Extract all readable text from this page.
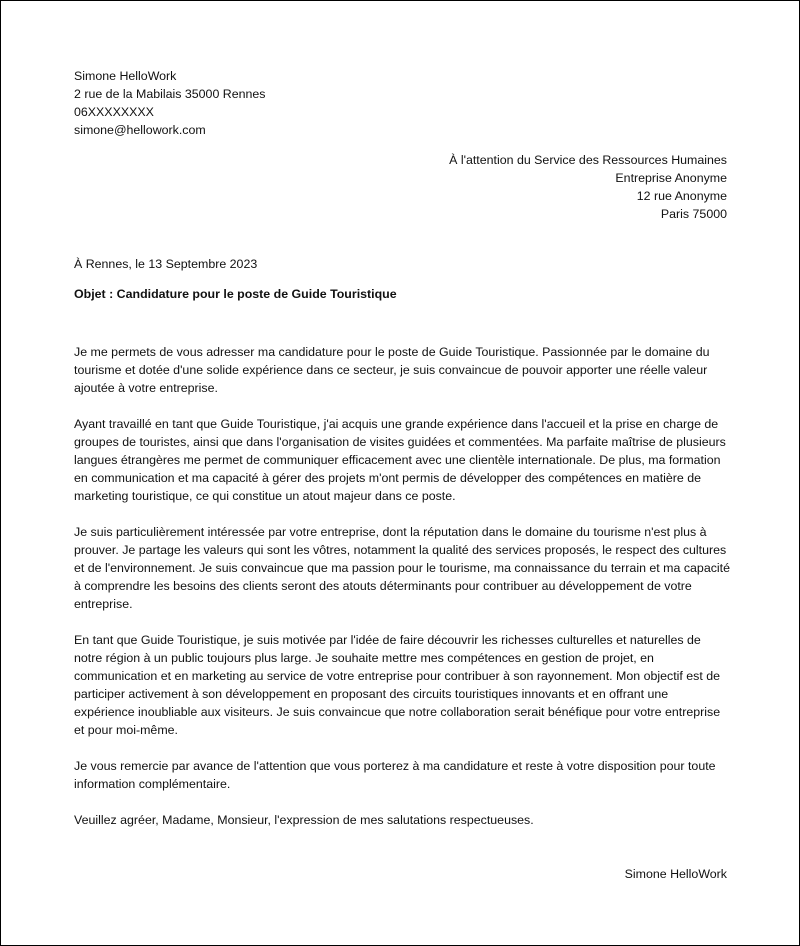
Simone HelloWork
2 rue de la Mabilais 35000 Rennes
06XXXXXXXX
simone@hellowork.com
À l'attention du Service des Ressources Humaines
Entreprise Anonyme
12 rue Anonyme
Paris 75000
À Rennes, le 13 Septembre 2023
Objet : Candidature pour le poste de Guide Touristique

Je me permets de vous adresser ma candidature pour le poste de Guide Touristique. Passionnée par le domaine du tourisme et dotée d'une solide expérience dans ce secteur, je suis convaincue de pouvoir apporter une réelle valeur ajoutée à votre entreprise.

Ayant travaillé en tant que Guide Touristique, j'ai acquis une grande expérience dans l'accueil et la prise en charge de groupes de touristes, ainsi que dans l'organisation de visites guidées et commentées. Ma parfaite maîtrise de plusieurs langues étrangères me permet de communiquer efficacement avec une clientèle internationale. De plus, ma formation en communication et ma capacité à gérer des projets m'ont permis de développer des compétences en matière de marketing touristique, ce qui constitue un atout majeur dans ce poste.

Je suis particulièrement intéressée par votre entreprise, dont la réputation dans le domaine du tourisme n'est plus à prouver. Je partage les valeurs qui sont les vôtres, notamment la qualité des services proposés, le respect des cultures et de l'environnement. Je suis convaincue que ma passion pour le tourisme, ma connaissance du terrain et ma capacité à comprendre les besoins des clients seront des atouts déterminants pour contribuer au développement de votre entreprise.

En tant que Guide Touristique, je suis motivée par l'idée de faire découvrir les richesses culturelles et naturelles de notre région à un public toujours plus large. Je souhaite mettre mes compétences en gestion de projet, en communication et en marketing au service de votre entreprise pour contribuer à son rayonnement. Mon objectif est de participer activement à son développement en proposant des circuits touristiques innovants et en offrant une expérience inoubliable aux visiteurs. Je suis convaincue que notre collaboration serait bénéfique pour votre entreprise et pour moi-même.

Je vous remercie par avance de l'attention que vous porterez à ma candidature et reste à votre disposition pour toute information complémentaire.

Veuillez agréer, Madame, Monsieur, l'expression de mes salutations respectueuses.

Simone HelloWork
